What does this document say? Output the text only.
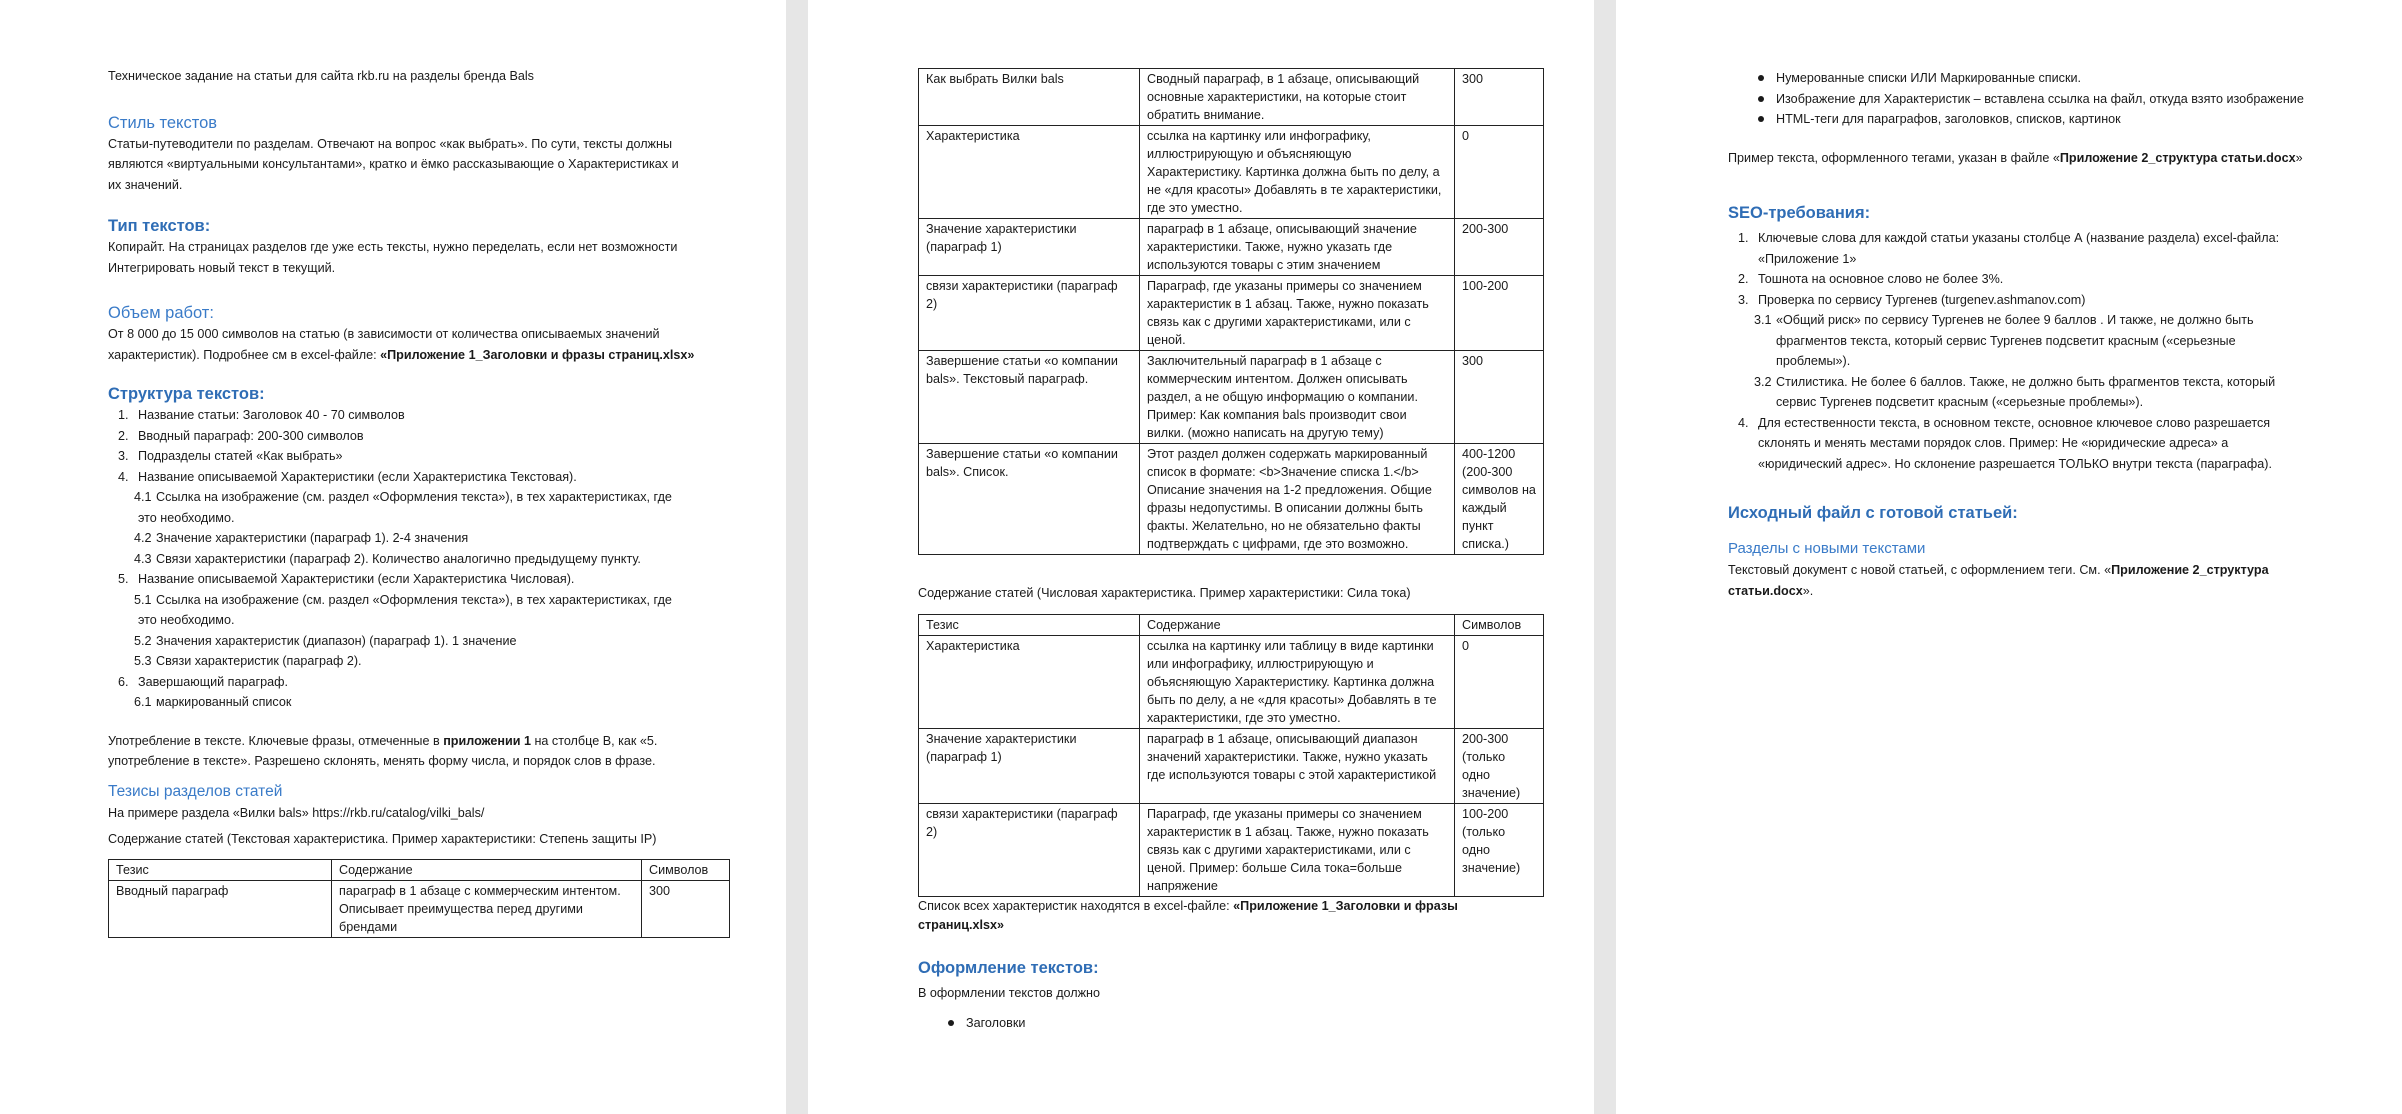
Техническое задание на статьи для сайта rkb.ru на разделы бренда Bals

Стиль текстов

Статьи-путеводители по разделам. Отвечают на вопрос «как выбрать». По сути, тексты должны

являются «виртуальными консультантами», кратко и ёмко рассказывающие о Характеристиках и

их значений.

Тип текстов:

Копирайт. На страницах разделов где уже есть тексты, нужно переделать, если нет возможности

Интегрировать новый текст в текущий.

Объем работ:

От 8 000 до 15 000 символов на статью (в зависимости от количества описываемых значений

характеристик). Подробнее см в excel-файле: «Приложение 1_Заголовки и фразы страниц.xlsx»

Структура текстов:
1. Название статьи: Заголовок 40 - 70 символов
2. Вводный параграф: 200-300 символов
3. Подразделы статей «Как выбрать»
4. Название описываемой Характеристики (если Характеристика Текстовая).
4.1 Ссылка на изображение (см. раздел «Оформления текста»), в тех характеристиках, где
это необходимо.
4.2 Значение характеристики (параграф 1). 2-4 значения
4.3 Связи характеристики (параграф 2). Количество аналогично предыдущему пункту.
5. Название описываемой Характеристики (если Характеристика Числовая).
5.1 Ссылка на изображение (см. раздел «Оформления текста»), в тех характеристиках, где
это необходимо.
5.2 Значения характеристик (диапазон) (параграф 1). 1 значение
5.3 Связи характеристик (параграф 2).
6. Завершающий параграф.
6.1 маркированный список

Употребление в тексте. Ключевые фразы, отмеченные в приложении 1 на столбце B, как «5.

употребление в тексте». Разрешено склонять, менять форму числа, и порядок слов в фразе.

Тезисы разделов статей

На примере раздела «Вилки bals» https://rkb.ru/catalog/vilki_bals/

Содержание статей (Текстовая характеристика. Пример характеристики: Степень защиты IP)

Тезис	Содержание	Символов
Вводный параграф	параграф в 1 абзаце с коммерческим интентом. Описывает преимущества перед другими брендами	300
Как выбрать Вилки bals	Сводный параграф, в 1 абзаце, описывающий основные характеристики, на которые стоит обратить внимание.	300
Характеристика	ссылка на картинку или инфографику, иллюстрирующую и объясняющую Характеристику. Картинка должна быть по делу, а не «для красоты» Добавлять в те характеристики, где это уместно.	0
Значение характеристики (параграф 1)	параграф в 1 абзаце, описывающий значение характеристики. Также, нужно указать где используются товары с этим значением	200-300
связи характеристики (параграф 2)	Параграф, где указаны примеры со значением характеристик в 1 абзац. Также, нужно показать связь как с другими характеристиками, или с ценой.	100-200
Завершение статьи «о компании bals». Текстовый параграф.	Заключительный параграф в 1 абзаце с коммерческим интентом. Должен описывать раздел, а не общую информацию о компании. Пример: Как компания bals производит свои вилки. (можно написать на другую тему)	300
Завершение статьи «о компании bals». Список.	Этот раздел должен содержать маркированный список в формате: <b>Значение списка 1.</b> Описание значения на 1-2 предложения. Общие фразы недопустимы. В описании должны быть факты. Желательно, но не обязательно факты подтверждать с цифрами, где это возможно.	400-1200 (200-300 символов на каждый пункт списка.)

Содержание статей (Числовая характеристика. Пример характеристики: Сила тока)

Тезис	Содержание	Символов
Характеристика	ссылка на картинку или таблицу в виде картинки или инфографику, иллюстрирующую и объясняющую Характеристику. Картинка должна быть по делу, а не «для красоты» Добавлять в те характеристики, где это уместно.	0
Значение характеристики (параграф 1)	параграф в 1 абзаце, описывающий диапазон значений характеристики. Также, нужно указать где используются товары с этой характеристикой	200-300 (только одно значение)
связи характеристики (параграф 2)	Параграф, где указаны примеры со значением характеристик в 1 абзац. Также, нужно показать связь как с другими характеристиками, или с ценой. Пример: больше Сила тока=больше напряжение	100-200 (только одно значение)

Список всех характеристик находятся в excel-файле: «Приложение 1_Заголовки и фразы страниц.xlsx»

Оформление текстов:

В оформлении текстов должно

Заголовки
Нумерованные списки ИЛИ Маркированные списки.
Изображение для Характеристик – вставлена ссылка на файл, откуда взято изображение
HTML-теги для параграфов, заголовков, списков, картинок

Пример текста, оформленного тегами, указан в файле «Приложение 2_структура статьи.docx»

SEO-требования:
1. Ключевые слова для каждой статьи указаны столбце А (название раздела) excel-файла:
«Приложение 1»
2. Тошнота на основное слово не более 3%.
3. Проверка по сервису Тургенев (turgenev.ashmanov.com)
3.1 «Общий риск» по сервису Тургенев не более 9 баллов . И также, не должно быть
фрагментов текста, который сервис Тургенев подсветит красным («серьезные
проблемы»).
3.2 Стилистика. Не более 6 баллов. Также, не должно быть фрагментов текста, который
сервис Тургенев подсветит красным («серьезные проблемы»).
4. Для естественности текста, в основном тексте, основное ключевое слово разрешается
склонять и менять местами порядок слов. Пример: Не «юридические адреса» а
«юридический адрес». Но склонение разрешается ТОЛЬКО внутри текста (параграфа).
Исходный файл с готовой статьей:
Разделы с новыми текстами

Текстовый документ с новой статьей, с оформлением теги. См. «Приложение 2_структура

статьи.docx».
